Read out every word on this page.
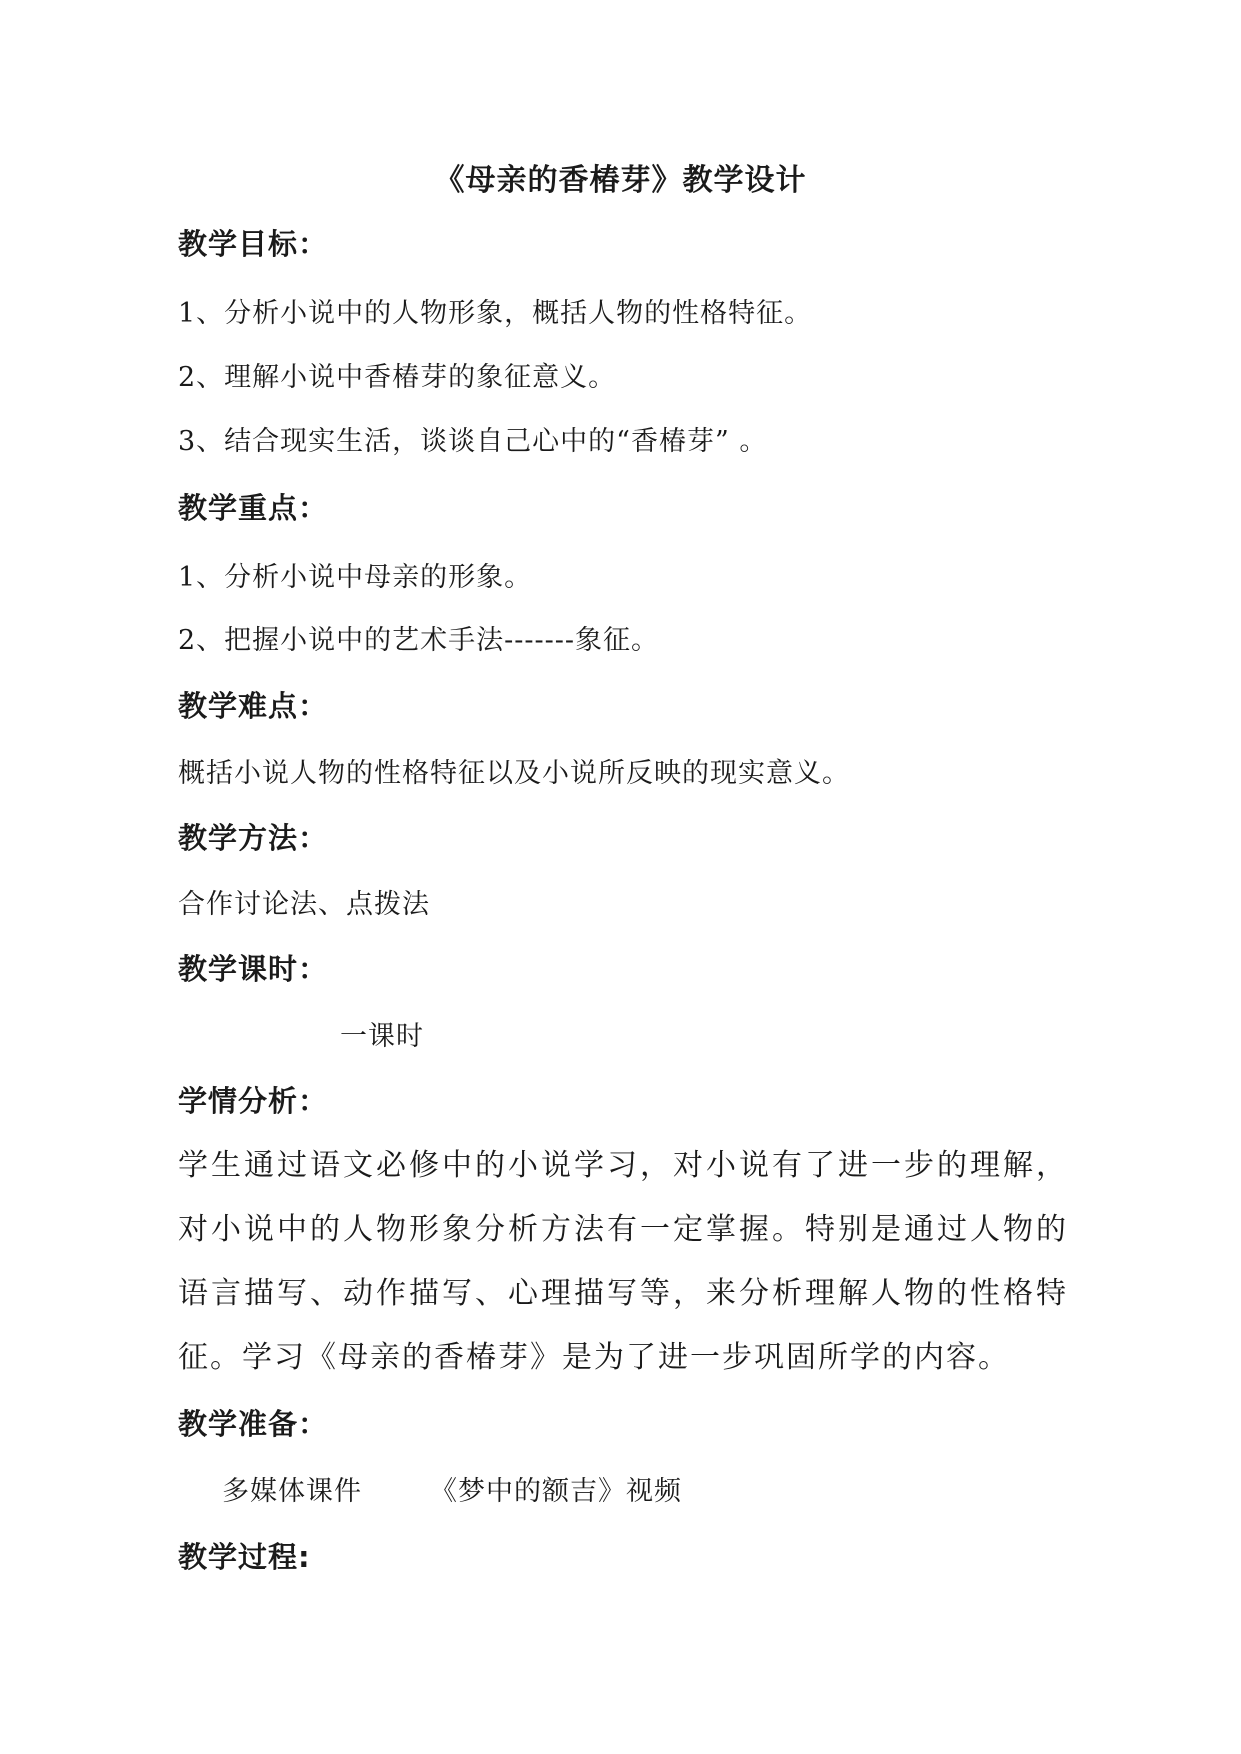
《母亲的香椿芽》教学设计
教学目标：
1、分析小说中的人物形象，概括人物的性格特征。
2、理解小说中香椿芽的象征意义。
3、结合现实生活，谈谈自己心中的“香椿芽” 。
教学重点：
1、分析小说中母亲的形象。
2、把握小说中的艺术手法-------象征。
教学难点：
概括小说人物的性格特征以及小说所反映的现实意义。
教学方法：
合作讨论法、点拨法
教学课时：
一课时
学情分析：
学生通过语文必修中的小说学习，对小说有了进一步的理解，对小说中的人物形象分析方法有一定掌握。特别是通过人物的语言描写、动作描写、心理描写等，来分析理解人物的性格特征。学习《母亲的香椿芽》是为了进一步巩固所学的内容。
教学准备：
多媒体课件	《梦中的额吉》视频
教学过程:
